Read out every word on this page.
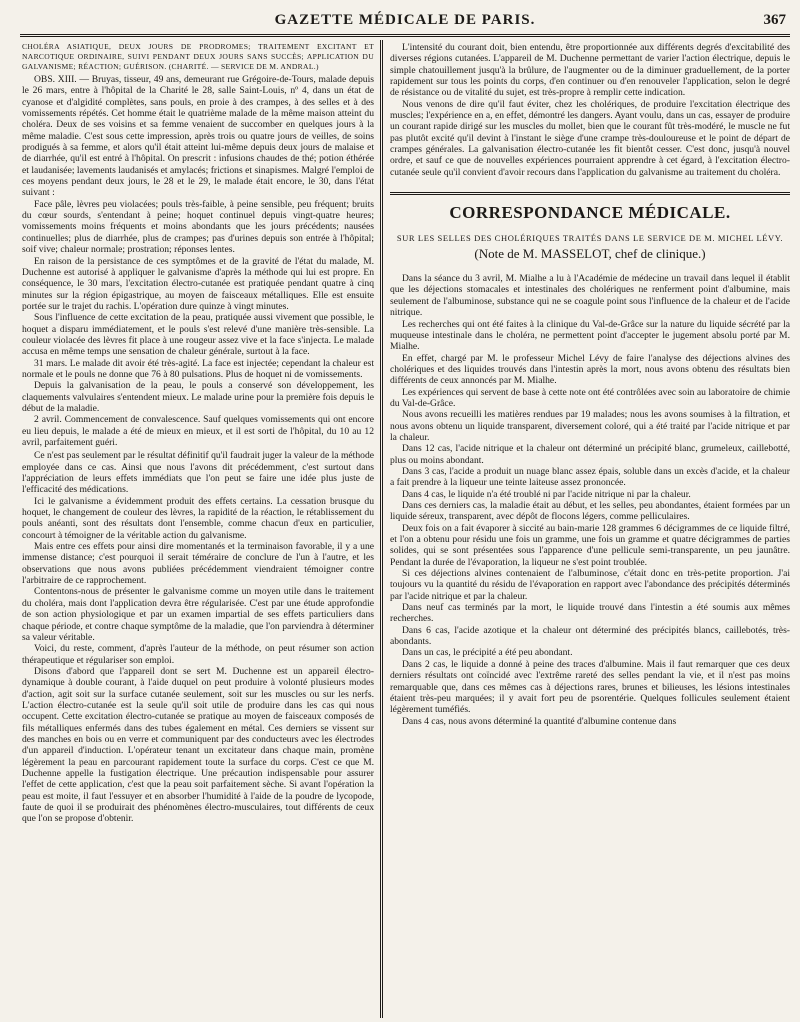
GAZETTE MÉDICALE DE PARIS.	367

CHOLÉRA ASIATIQUE, DEUX JOURS DE PRODROMES; TRAITEMENT EXCITANT ET NARCOTIQUE ORDINAIRE, SUIVI PENDANT DEUX JOURS SANS SUCCÈS; APPLICATION DU GALVANISME; RÉACTION; GUÉRISON. (CHARITÉ. — SERVICE DE M. ANDRAL.)

OBS. XIII. — Bruyas, tisseur, 49 ans, demeurant rue Grégoire-de-Tours, malade depuis le 26 mars, entre à l'hôpital de la Charité le 28, salle Saint-Louis, nº 4, dans un état de cyanose et d'algidité complètes, sans pouls, en proie à des crampes, à des selles et à des vomissements répétés. Cet homme était le quatrième malade de la même maison atteint du choléra. Deux de ses voisins et sa femme venaient de succomber en quelques jours à la même maladie. C'est sous cette impression, après trois ou quatre jours de veilles, de soins prodigués à sa femme, et alors qu'il était atteint lui-même depuis deux jours de malaise et de diarrhée, qu'il est entré à l'hôpital. On prescrit : infusions chaudes de thé; potion éthérée et laudanisée; lavements laudanisés et amylacés; frictions et sinapismes. Malgré l'emploi de ces moyens pendant deux jours, le 28 et le 29, le malade était encore, le 30, dans l'état suivant :

Face pâle, lèvres peu violacées; pouls très-faible, à peine sensible, peu fréquent; bruits du cœur sourds, s'entendant à peine; hoquet continuel depuis vingt-quatre heures; vomissements moins fréquents et moins abondants que les jours précédents; nausées continuelles; plus de diarrhée, plus de crampes; pas d'urines depuis son entrée à l'hôpital; soif vive; chaleur normale; prostration; réponses lentes.

En raison de la persistance de ces symptômes et de la gravité de l'état du malade, M. Duchenne est autorisé à appliquer le galvanisme d'après la méthode qui lui est propre. En conséquence, le 30 mars, l'excitation électro-cutanée est pratiquée pendant quatre à cinq minutes sur la région épigastrique, au moyen de faisceaux métalliques. Elle est ensuite portée sur le trajet du rachis. L'opération dure quinze à vingt minutes.

Sous l'influence de cette excitation de la peau, pratiquée aussi vivement que possible, le hoquet a disparu immédiatement, et le pouls s'est relevé d'une manière très-sensible. La couleur violacée des lèvres fit place à une rougeur assez vive et la face s'injecta. Le malade accusa en même temps une sensation de chaleur générale, surtout à la face.

31 mars. Le malade dit avoir été très-agité. La face est injectée; cependant la chaleur est normale et le pouls ne donne que 76 à 80 pulsations. Plus de hoquet ni de vomissements.

Depuis la galvanisation de la peau, le pouls a conservé son développement, les claquements valvulaires s'entendent mieux. Le malade urine pour la première fois depuis le début de la maladie.

2 avril. Commencement de convalescence. Sauf quelques vomissements qui ont encore eu lieu depuis, le malade a été de mieux en mieux, et il est sorti de l'hôpital, du 10 au 12 avril, parfaitement guéri.

Ce n'est pas seulement par le résultat définitif qu'il faudrait juger la valeur de la méthode employée dans ce cas. Ainsi que nous l'avons dit précédemment, c'est surtout dans l'appréciation de leurs effets immédiats que l'on peut se faire une idée plus juste de l'efficacité des médications.

Ici le galvanisme a évidemment produit des effets certains. La cessation brusque du hoquet, le changement de couleur des lèvres, la rapidité de la réaction, le rétablissement du pouls anéanti, sont des résultats dont l'ensemble, comme chacun d'eux en particulier, concourt à témoigner de la véritable action du galvanisme.

Mais entre ces effets pour ainsi dire momentanés et la terminaison favorable, il y a une immense distance; c'est pourquoi il serait téméraire de conclure de l'un à l'autre, et les observations que nous avons publiées précédemment viendraient témoigner contre l'arbitraire de ce rapprochement.

Contentons-nous de présenter le galvanisme comme un moyen utile dans le traitement du choléra, mais dont l'application devra être régularisée. C'est par une étude approfondie de son action physiologique et par un examen impartial de ses effets particuliers dans chaque période, et contre chaque symptôme de la maladie, que l'on parviendra à déterminer sa valeur véritable.

Voici, du reste, comment, d'après l'auteur de la méthode, on peut résumer son action thérapeutique et régulariser son emploi.

Disons d'abord que l'appareil dont se sert M. Duchenne est un appareil électro-dynamique à double courant, à l'aide duquel on peut produire à volonté plusieurs modes d'action, agit soit sur la surface cutanée seulement, soit sur les muscles ou sur les nerfs. L'action électro-cutanée est la seule qu'il soit utile de produire dans les cas qui nous occupent. Cette excitation électro-cutanée se pratique au moyen de faisceaux composés de fils métalliques enfermés dans des tubes également en métal. Ces derniers se vissent sur des manches en bois ou en verre et communiquent par des conducteurs avec les électrodes d'un appareil d'induction. L'opérateur tenant un excitateur dans chaque main, promène légèrement la peau en parcourant rapidement toute la surface du corps. C'est ce que M. Duchenne appelle la fustigation électrique. Une précaution indispensable pour assurer l'effet de cette application, c'est que la peau soit parfaitement sèche. Si avant l'opération la peau est moite, il faut l'essuyer et en absorber l'humidité à l'aide de la poudre de lycopode, faute de quoi il se produirait des phénomènes électro-musculaires, tout différents de ceux que l'on se propose d'obtenir.

L'intensité du courant doit, bien entendu, être proportionnée aux différents degrés d'excitabilité des diverses régions cutanées. L'appareil de M. Duchenne permettant de varier l'action électrique, depuis le simple chatouillement jusqu'à la brûlure, de l'augmenter ou de la diminuer graduellement, de la porter rapidement sur tous les points du corps, d'en continuer ou d'en renouveler l'application, selon le degré de résistance ou de vitalité du sujet, est très-propre à remplir cette indication.

Nous venons de dire qu'il faut éviter, chez les cholériques, de produire l'excitation électrique des muscles; l'expérience en a, en effet, démontré les dangers. Ayant voulu, dans un cas, essayer de produire un courant rapide dirigé sur les muscles du mollet, bien que le courant fût très-modéré, le muscle ne fut pas plutôt excité qu'il devint à l'instant le siège d'une crampe très-douloureuse et le point de départ de crampes générales. La galvanisation électro-cutanée les fit bientôt cesser. C'est donc, jusqu'à nouvel ordre, et sauf ce que de nouvelles expériences pourraient apprendre à cet égard, à l'excitation électro-cutanée seule qu'il convient d'avoir recours dans l'application du galvanisme au traitement du choléra.

CORRESPONDANCE MÉDICALE.
SUR LES SELLES DES CHOLÉRIQUES TRAITÉS DANS LE SERVICE DE M. MICHEL LÉVY. (Note de M. MASSELOT, chef de clinique.)

Dans la séance du 3 avril, M. Mialhe a lu à l'Académie de médecine un travail dans lequel il établit que les déjections stomacales et intestinales des cholériques ne renferment point d'albumine, mais seulement de l'albuminose, substance qui ne se coagule point sous l'influence de la chaleur et de l'acide nitrique.

Les recherches qui ont été faites à la clinique du Val-de-Grâce sur la nature du liquide sécrété par la muqueuse intestinale dans le choléra, ne permettent point d'accepter le jugement absolu porté par M. Mialhe.

En effet, chargé par M. le professeur Michel Lévy de faire l'analyse des déjections alvines des cholériques et des liquides trouvés dans l'intestin après la mort, nous avons obtenu des résultats bien différents de ceux annoncés par M. Mialhe.

Les expériences qui servent de base à cette note ont été contrôlées avec soin au laboratoire de chimie du Val-de-Grâce.

Nous avons recueilli les matières rendues par 19 malades; nous les avons soumises à la filtration, et nous avons obtenu un liquide transparent, diversement coloré, qui a été traité par l'acide nitrique et par la chaleur.

Dans 12 cas, l'acide nitrique et la chaleur ont déterminé un précipité blanc, grumeleux, caillebotté, plus ou moins abondant.

Dans 3 cas, l'acide a produit un nuage blanc assez épais, soluble dans un excès d'acide, et la chaleur a fait prendre à la liqueur une teinte laiteuse assez prononcée.

Dans 4 cas, le liquide n'a été troublé ni par l'acide nitrique ni par la chaleur.

Dans ces derniers cas, la maladie était au début, et les selles, peu abondantes, étaient formées par un liquide séreux, transparent, avec dépôt de flocons légers, comme pelliculaires.

Deux fois on a fait évaporer à siccité au bain-marie 128 grammes 6 décigrammes de ce liquide filtré, et l'on a obtenu pour résidu une fois un gramme, une fois un gramme et quatre décigrammes de parties solides, qui se sont présentées sous l'apparence d'une pellicule semi-transparente, un peu jaunâtre. Pendant la durée de l'évaporation, la liqueur ne s'est point troublée.

Si ces déjections alvines contenaient de l'albuminose, c'était donc en très-petite proportion. J'ai toujours vu la quantité du résidu de l'évaporation en rapport avec l'abondance des précipités déterminés par l'acide nitrique et par la chaleur.

Dans neuf cas terminés par la mort, le liquide trouvé dans l'intestin a été soumis aux mêmes recherches.

Dans 6 cas, l'acide azotique et la chaleur ont déterminé des précipités blancs, caillebotés, très-abondants.

Dans un cas, le précipité a été peu abondant.

Dans 2 cas, le liquide a donné à peine des traces d'albumine. Mais il faut remarquer que ces deux derniers résultats ont coïncidé avec l'extrême rareté des selles pendant la vie, et il n'est pas moins remarquable que, dans ces mêmes cas à déjections rares, brunes et bilieuses, les lésions intestinales étaient très-peu marquées; il y avait fort peu de psorentérie. Quelques follicules seulement étaient légèrement tuméfiés.

Dans 4 cas, nous avons déterminé la quantité d'albumine contenue dans
